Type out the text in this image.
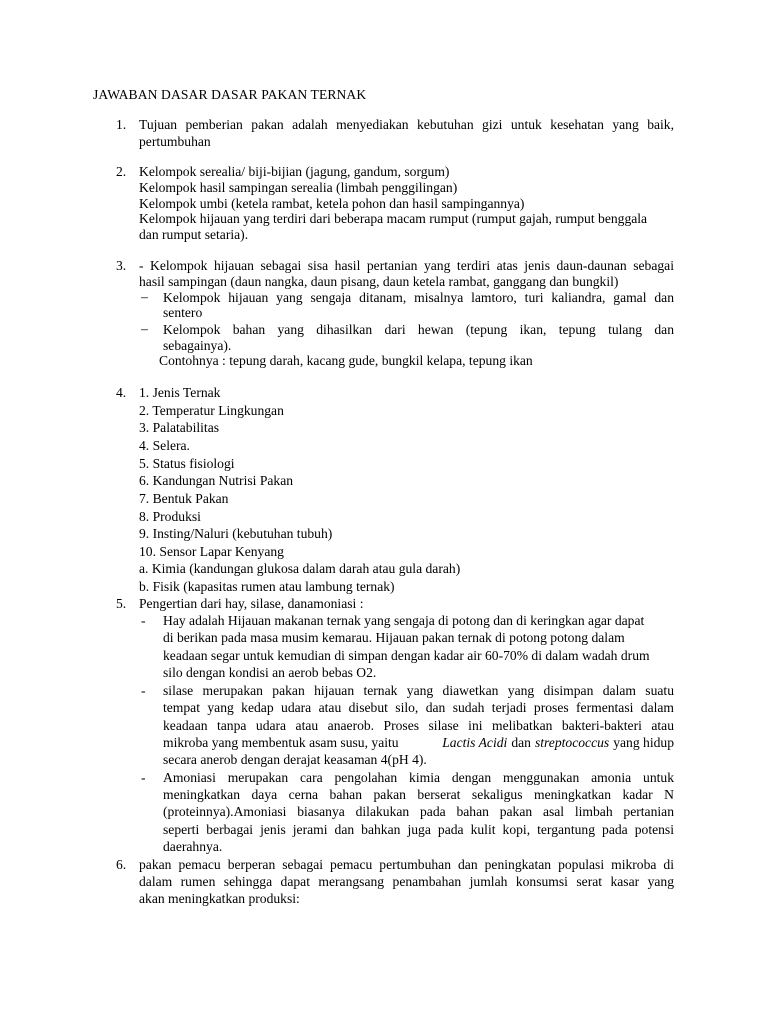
JAWABAN DASAR DASAR PAKAN TERNAK
1. Tujuan pemberian pakan adalah menyediakan kebutuhan gizi untuk kesehatan yang baik,
pertumbuhan
2. Kelompok serealia/ biji-bijian (jagung, gandum, sorgum)
Kelompok hasil sampingan serealia (limbah penggilingan)
Kelompok umbi (ketela rambat, ketela pohon dan hasil sampingannya)
Kelompok hijauan yang terdiri dari beberapa macam rumput (rumput gajah, rumput benggala
dan rumput setaria).
3. - Kelompok hijauan sebagai sisa hasil pertanian yang terdiri atas jenis daun-daunan sebagai
hasil sampingan (daun nangka, daun pisang, daun ketela rambat, ganggang dan bungkil)
– Kelompok hijauan yang sengaja ditanam, misalnya lamtoro, turi kaliandra, gamal dan
sentero
– Kelompok bahan yang dihasilkan dari hewan (tepung ikan, tepung tulang dan
sebagainya).
Contohnya : tepung darah, kacang gude, bungkil kelapa, tepung ikan
4. 1. Jenis Ternak
2. Temperatur Lingkungan
3. Palatabilitas
4. Selera.
5. Status fisiologi
6. Kandungan Nutrisi Pakan
7. Bentuk Pakan
8. Produksi
9. Insting/Naluri (kebutuhan tubuh)
10. Sensor Lapar Kenyang
a. Kimia (kandungan glukosa dalam darah atau gula darah)
b. Fisik (kapasitas rumen atau lambung ternak)
5. Pengertian dari hay, silase, danamoniasi :
- Hay adalah Hijauan makanan ternak yang sengaja di potong dan di keringkan agar dapat
di berikan pada masa musim kemarau. Hijauan pakan ternak di potong potong dalam
keadaan segar untuk kemudian di simpan dengan kadar air 60-70% di dalam wadah drum
silo dengan kondisi an aerob bebas O2.
- silase merupakan pakan hijauan ternak yang diawetkan yang disimpan dalam suatu
tempat yang kedap udara atau disebut silo, dan sudah terjadi proses fermentasi dalam
keadaan tanpa udara atau anaerob. Proses silase ini melibatkan bakteri-bakteri atau
mikroba yang membentuk asam susu, yaitu	Lactis Acidi dan streptococcus yang hidup
secara anerob dengan derajat keasaman 4(pH 4).
- Amoniasi merupakan cara pengolahan kimia dengan menggunakan amonia untuk
meningkatkan daya cerna bahan pakan berserat sekaligus meningkatkan kadar N
(proteinnya).Amoniasi biasanya dilakukan pada bahan pakan asal limbah pertanian
seperti berbagai jenis jerami dan bahkan juga pada kulit kopi, tergantung pada potensi
daerahnya.
6. pakan pemacu berperan sebagai pemacu pertumbuhan dan peningkatan populasi mikroba di
dalam rumen sehingga dapat merangsang penambahan jumlah konsumsi serat kasar yang
akan meningkatkan produksi:
